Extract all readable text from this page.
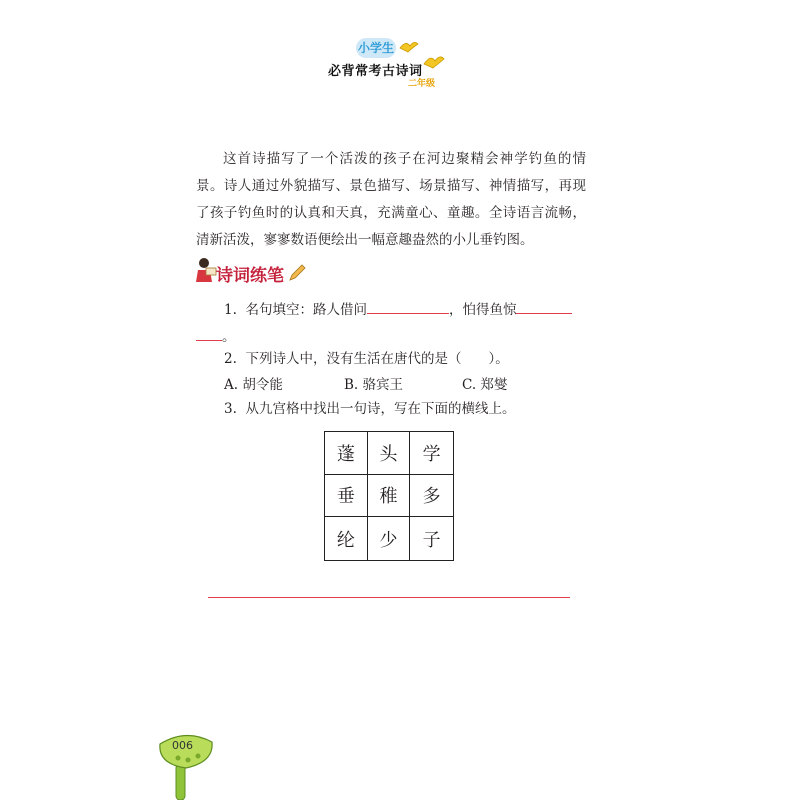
小学生
必背常考古诗词
二年级
这首诗描写了一个活泼的孩子在河边聚精会神学钓鱼的情景。诗人通过外貌描写、景色描写、场景描写、神情描写，再现了孩子钓鱼时的认真和天真，充满童心、童趣。全诗语言流畅，清新活泼，寥寥数语便绘出一幅意趣盎然的小儿垂钓图。
诗词练笔
1. 名句填空：路人借问	，怕得鱼惊
。
2. 下列诗人中，没有生活在唐代的是（　　）。
A. 胡令能	B. 骆宾王	C. 郑燮
3. 从九宫格中找出一句诗，写在下面的横线上。
蓬	头	学
垂	稚	多
纶	少	子
006
